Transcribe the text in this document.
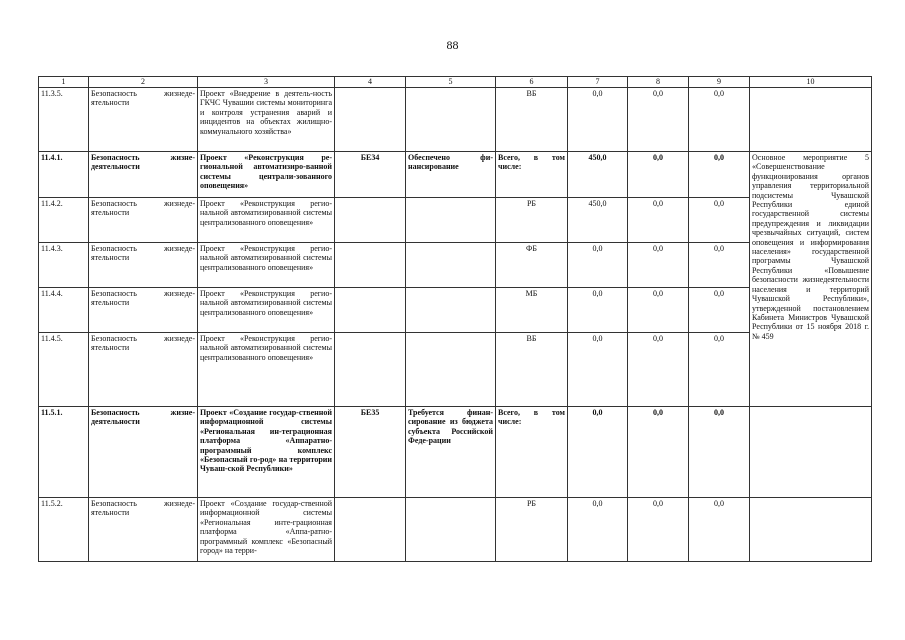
88
1	2	3	4	5	6	7	8	9	10
11.3.5.	Безопасность жизнеде-ятельности	Проект «Внедрение в деятель-ность ГКЧС Чувашии системы мониторинга и контроля устранения аварий и инцидентов на объектах жилищно-коммунального хозяйства»			ВБ	0,0	0,0	0,0	
11.4.1.	Безопасность жизне-деятельности	Проект «Реконструкция ре-гиональной автоматизиро-ванной системы централи-зованного оповещения»	БЕ34	Обеспечено фи-нансирование	Всего, в том числе:	450,0	0,0	0,0	Основное мероприятие 5 «Совершенствование функционирования органов управления территориальной подсистемы Чувашской Республики единой государственной системы предупреждения и ликвидации чрезвычайных ситуаций, систем оповещения и информирования населения» государственной программы Чувашской Республики «Повышение безопасности жизнедеятельности населения и территорий Чувашской Республики», утвержденной постановлением Кабинета Министров Чувашской Республики от 15 ноября 2018 г. № 459
11.4.2.	Безопасность жизнеде-ятельности	Проект «Реконструкция регио-нальной автоматизированной системы централизованного оповещения»			РБ	450,0	0,0	0,0	
11.4.3.	Безопасность жизнеде-ятельности	Проект «Реконструкция регио-нальной автоматизированной системы централизованного оповещения»			ФБ	0,0	0,0	0,0	
11.4.4.	Безопасность жизнеде-ятельности	Проект «Реконструкция регио-нальной автоматизированной системы централизованного оповещения»			МБ	0,0	0,0	0,0	
11.4.5.	Безопасность жизнеде-ятельности	Проект «Реконструкция регио-нальной автоматизированной системы централизованного оповещения»			ВБ	0,0	0,0	0,0	
11.5.1.	Безопасность жизне-деятельности	Проект «Создание государ-ственной информационной системы «Региональная ин-теграционная платформа «Аппаратно-программный комплекс «Безопасный го-род» на территории Чуваш-ской Республики»	БЕ35	Требуется финан-сирование из бюджета субъекта Российской Феде-рации	Всего, в том числе:	0,0	0,0	0,0	
11.5.2.	Безопасность жизнеде-ятельности	Проект «Создание государ-ственной информационной системы «Региональная инте-грационная платформа «Аппа-ратно-программный комплекс «Безопасный город» на терри-			РБ	0,0	0,0	0,0	
